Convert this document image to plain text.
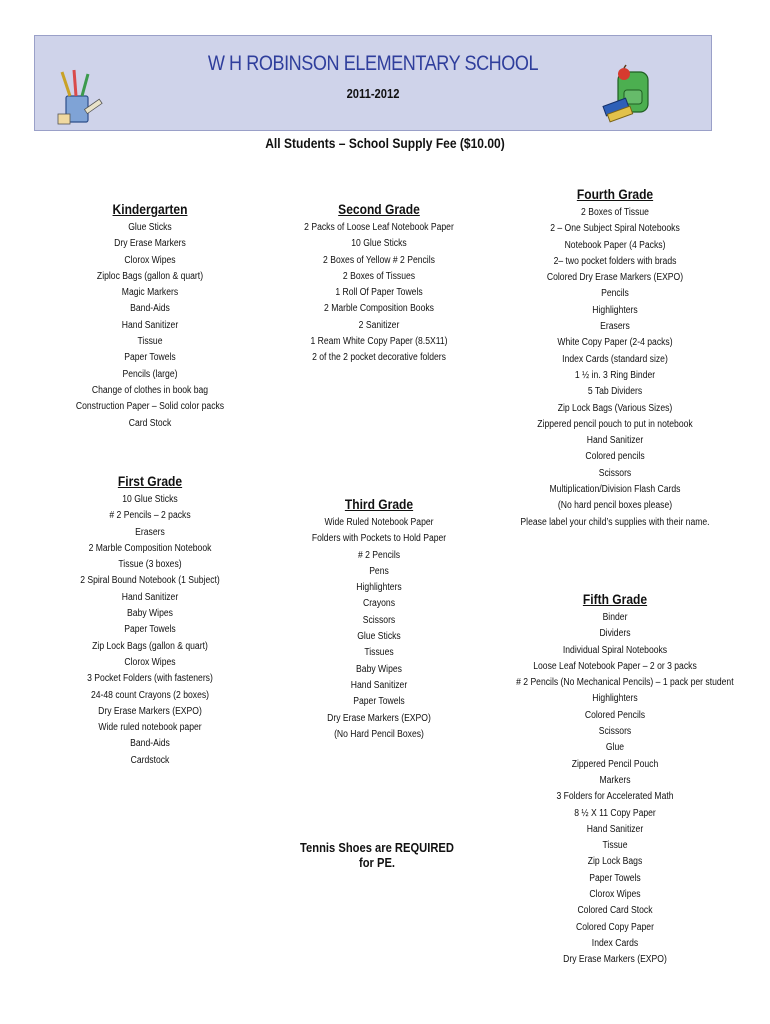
W H ROBINSON ELEMENTARY SCHOOL
2011-2012
All Students – School Supply Fee ($10.00)
Kindergarten
Glue Sticks
Dry Erase Markers
Clorox Wipes
Ziploc Bags (gallon & quart)
Magic Markers
Band-Aids
Hand Sanitizer
Tissue
Paper Towels
Pencils (large)
Change of clothes in book bag
Construction Paper – Solid color packs
Card Stock
First Grade
10 Glue Sticks
# 2 Pencils – 2 packs
Erasers
2 Marble Composition Notebook
Tissue (3 boxes)
2 Spiral Bound Notebook (1 Subject)
Hand Sanitizer
Baby Wipes
Paper Towels
Zip Lock Bags (gallon & quart)
Clorox Wipes
3 Pocket Folders (with fasteners)
24-48 count Crayons (2 boxes)
Dry Erase Markers (EXPO)
Wide ruled notebook paper
Band-Aids
Cardstock
Second Grade
2 Packs of Loose Leaf Notebook Paper
10 Glue Sticks
2 Boxes of Yellow # 2 Pencils
2 Boxes of Tissues
1 Roll Of Paper Towels
2 Marble Composition Books
2 Sanitizer
1 Ream White Copy Paper (8.5X11)
2 of the 2 pocket decorative folders
Third Grade
Wide Ruled Notebook Paper
Folders with Pockets to Hold Paper
# 2 Pencils
Pens
Highlighters
Crayons
Scissors
Glue Sticks
Tissues
Baby Wipes
Hand Sanitizer
Paper Towels
Dry Erase Markers (EXPO)
(No Hard Pencil Boxes)
Tennis Shoes are REQUIRED for PE.
Fourth Grade
2 Boxes of Tissue
2 – One Subject Spiral Notebooks
Notebook Paper (4 Packs)
2– two pocket folders with brads
Colored Dry Erase Markers (EXPO)
Pencils
Highlighters
Erasers
White Copy Paper (2-4 packs)
Index Cards (standard size)
1 ½ in. 3 Ring Binder
5 Tab Dividers
Zip Lock Bags (Various Sizes)
Zippered pencil pouch to put in notebook
Hand Sanitizer
Colored pencils
Scissors
Multiplication/Division Flash Cards
(No hard pencil boxes please)
Please label your child’s supplies with their name.
Fifth Grade
Binder
Dividers
Individual Spiral Notebooks
Loose Leaf Notebook Paper – 2 or 3 packs
# 2 Pencils (No Mechanical Pencils) – 1 pack per student
Highlighters
Colored Pencils
Scissors
Glue
Zippered Pencil Pouch
Markers
3 Folders for Accelerated Math
8 ½ X 11 Copy Paper
Hand Sanitizer
Tissue
Zip Lock Bags
Paper Towels
Clorox Wipes
Colored Card Stock
Colored Copy Paper
Index Cards
Dry Erase Markers (EXPO)
